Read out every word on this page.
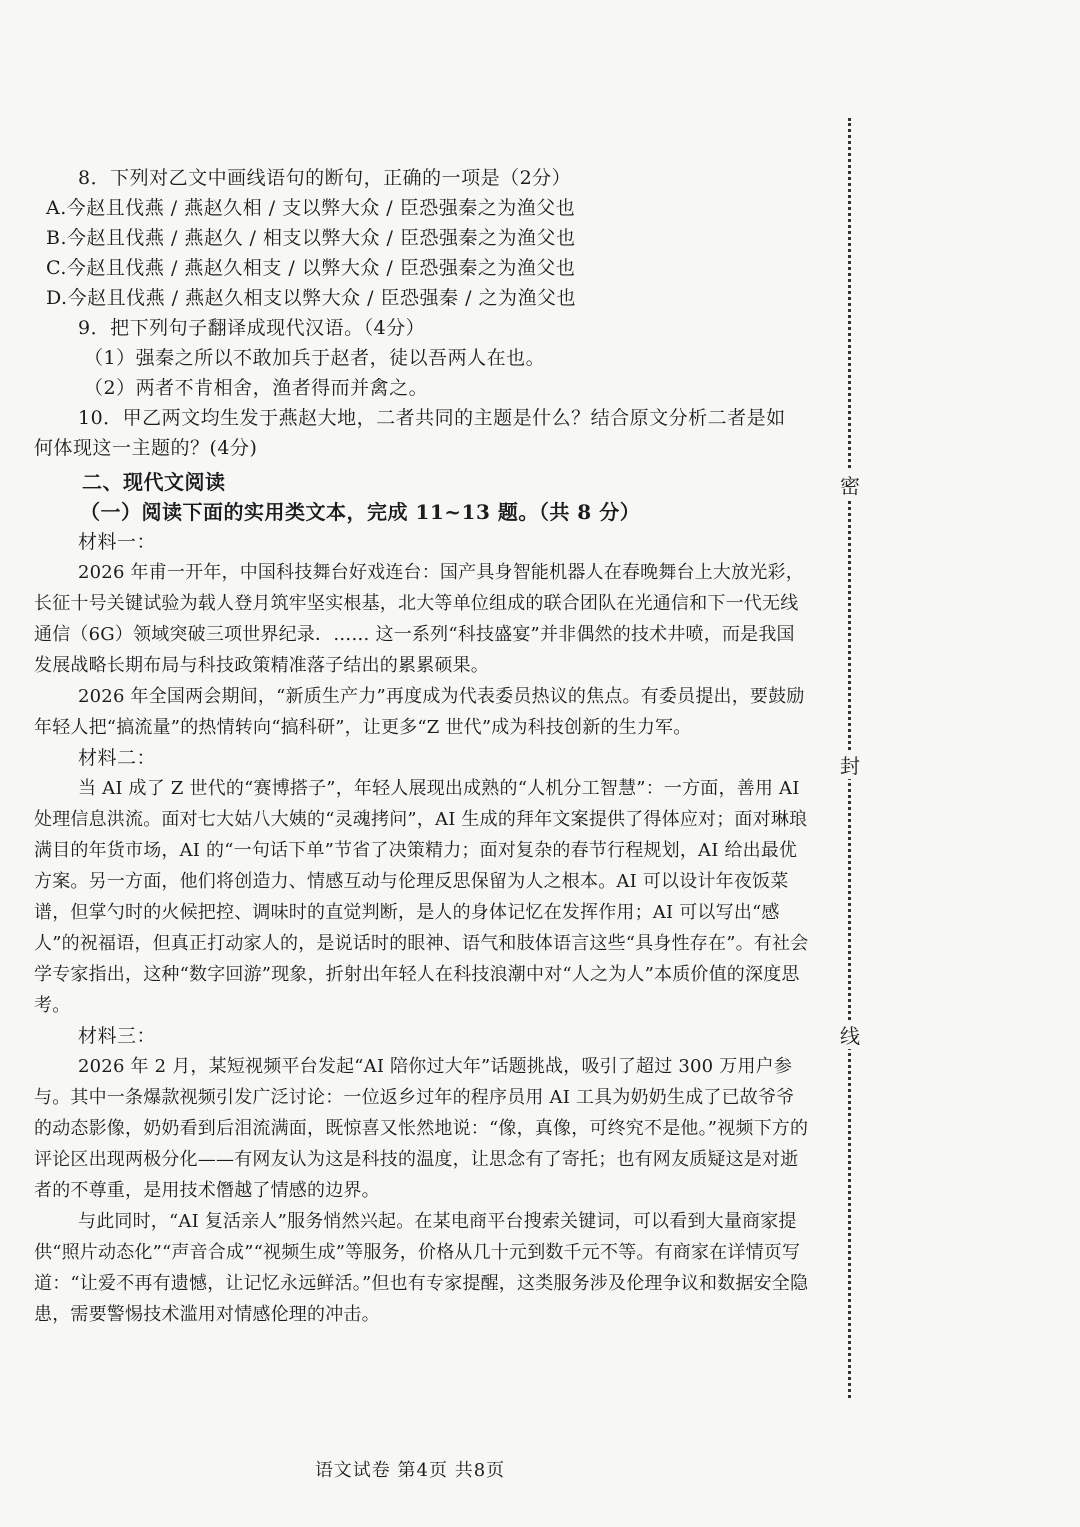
8．下列对乙文中画线语句的断句，正确的一项是（2分）
A.今赵且伐燕 / 燕赵久相 / 支以弊大众 / 臣恐强秦之为渔父也
B.今赵且伐燕 / 燕赵久 / 相支以弊大众 / 臣恐强秦之为渔父也
C.今赵且伐燕 / 燕赵久相支 / 以弊大众 / 臣恐强秦之为渔父也
D.今赵且伐燕 / 燕赵久相支以弊大众 / 臣恐强秦 / 之为渔父也
9．把下列句子翻译成现代汉语。（4分）
（1）强秦之所以不敢加兵于赵者，徒以吾两人在也。
（2）两者不肯相舍，渔者得而并禽之。
10．甲乙两文均生发于燕赵大地，二者共同的主题是什么？结合原文分析二者是如
何体现这一主题的？(4分)
二、现代文阅读
（一）阅读下面的实用类文本，完成 11~13 题。（共 8 分）
材料一：
2026 年甫一开年，中国科技舞台好戏连台：国产具身智能机器人在春晚舞台上大放光彩，长征十号关键试验为载人登月筑牢坚实根基，北大等单位组成的联合团队在光通信和下一代无线通信（6G）领域突破三项世界纪录．…… 这一系列“科技盛宴”并非偶然的技术井喷，而是我国发展战略长期布局与科技政策精准落子结出的累累硕果。
2026 年全国两会期间，“新质生产力”再度成为代表委员热议的焦点。有委员提出，要鼓励年轻人把“搞流量”的热情转向“搞科研”，让更多“Z 世代”成为科技创新的生力军。
材料二：
当 AI 成了 Z 世代的“赛博搭子”，年轻人展现出成熟的“人机分工智慧”：一方面，善用 AI 处理信息洪流。面对七大姑八大姨的“灵魂拷问”，AI 生成的拜年文案提供了得体应对；面对琳琅满目的年货市场，AI 的“一句话下单”节省了决策精力；面对复杂的春节行程规划，AI 给出最优方案。另一方面，他们将创造力、情感互动与伦理反思保留为人之根本。AI 可以设计年夜饭菜谱，但掌勺时的火候把控、调味时的直觉判断，是人的身体记忆在发挥作用；AI 可以写出“感人”的祝福语，但真正打动家人的，是说话时的眼神、语气和肢体语言这些“具身性存在”。有社会学专家指出，这种“数字回游”现象，折射出年轻人在科技浪潮中对“人之为人”本质价值的深度思考。
材料三：
2026 年 2 月，某短视频平台发起“AI 陪你过大年”话题挑战，吸引了超过 300 万用户参与。其中一条爆款视频引发广泛讨论：一位返乡过年的程序员用 AI 工具为奶奶生成了已故爷爷的动态影像，奶奶看到后泪流满面，既惊喜又怅然地说：“像，真像，可终究不是他。”视频下方的评论区出现两极分化——有网友认为这是科技的温度，让思念有了寄托；也有网友质疑这是对逝者的不尊重，是用技术僭越了情感的边界。
与此同时，“AI 复活亲人”服务悄然兴起。在某电商平台搜索关键词，可以看到大量商家提供“照片动态化”“声音合成”“视频生成”等服务，价格从几十元到数千元不等。有商家在详情页写道：“让爱不再有遗憾，让记忆永远鲜活。”但也有专家提醒，这类服务涉及伦理争议和数据安全隐患，需要警惕技术滥用对情感伦理的冲击。
语文试卷 第4页 共8页
密
封
线
